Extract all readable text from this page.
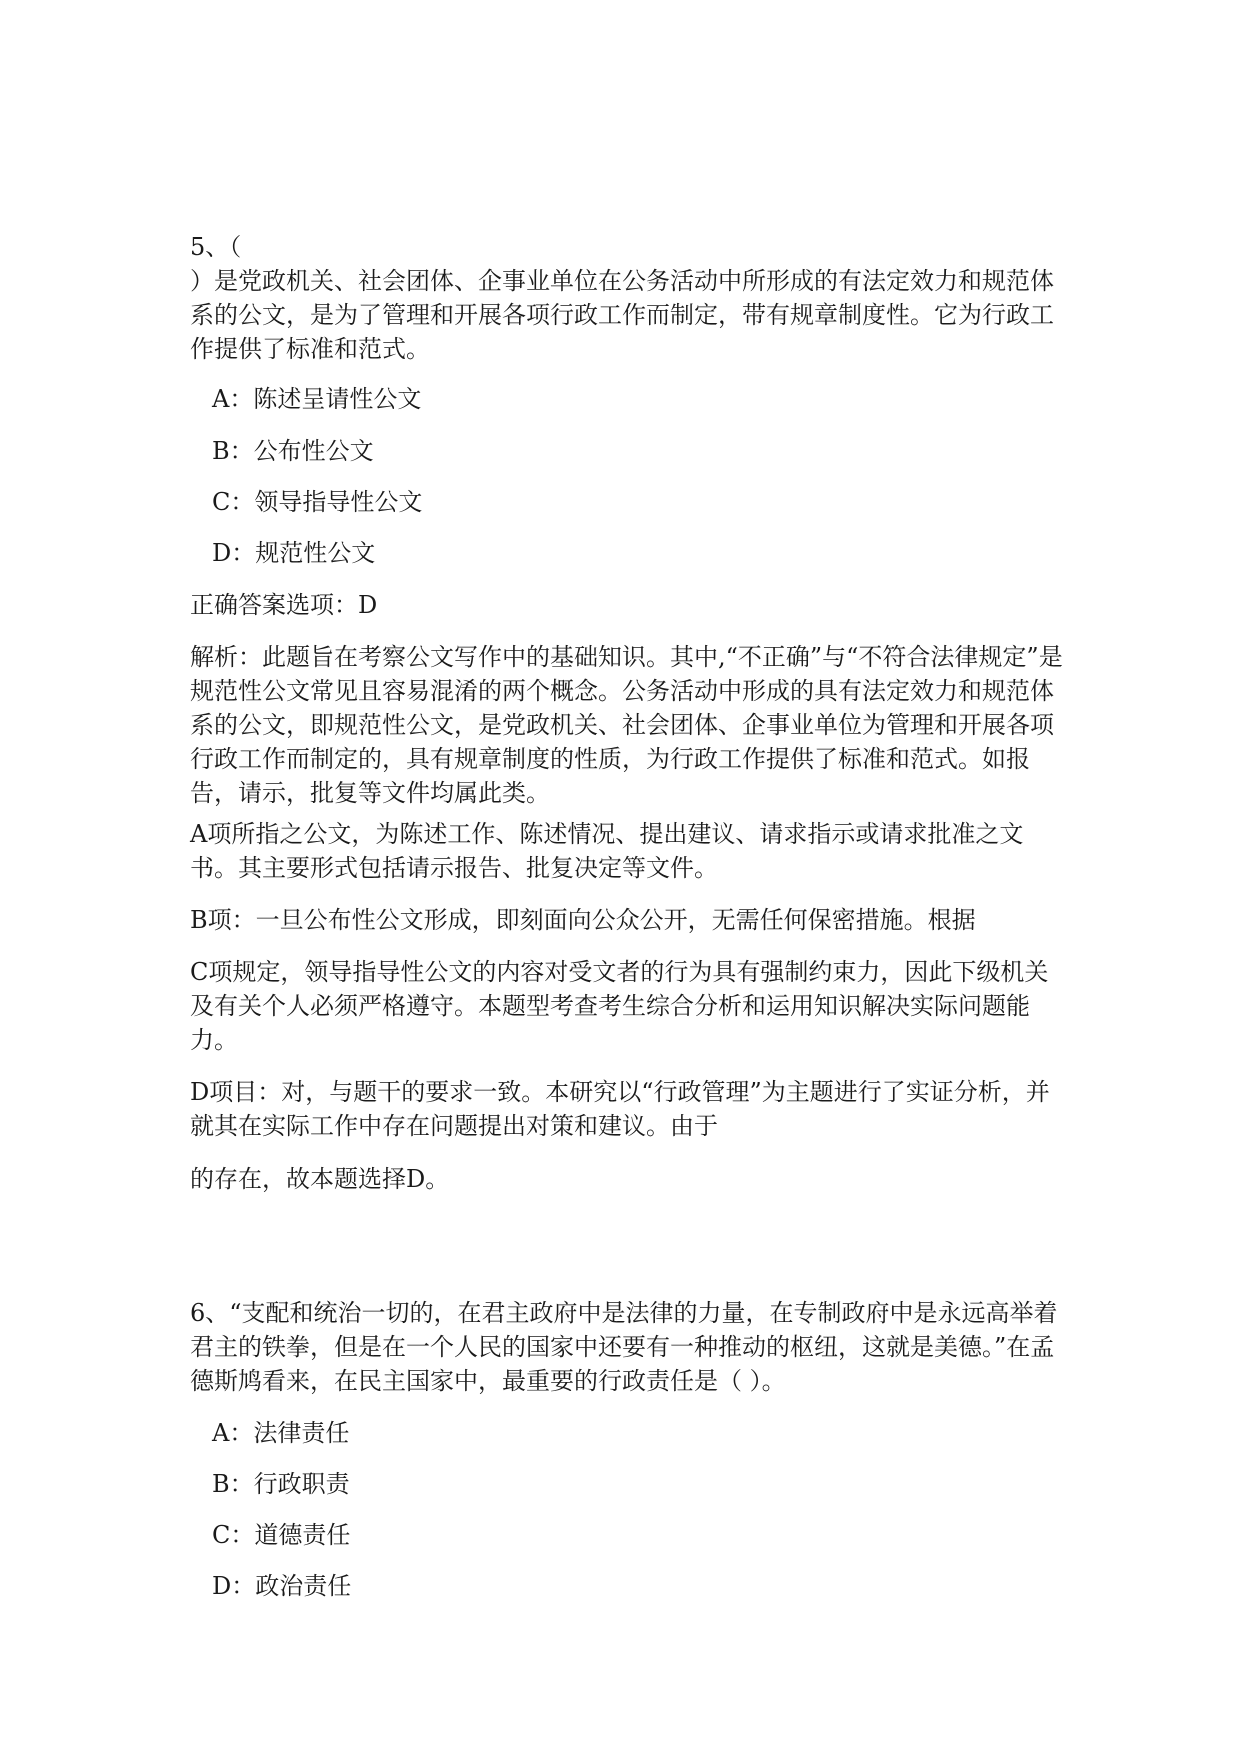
5、（
）是党政机关、社会团体、企事业单位在公务活动中所形成的有法定效力和规范体系的公文，是为了管理和开展各项行政工作而制定，带有规章制度性。它为行政工作提供了标准和范式。

A：陈述呈请性公文

B：公布性公文

C：领导指导性公文

D：规范性公文

正确答案选项：D

解析：此题旨在考察公文写作中的基础知识。其中,“不正确”与“不符合法律规定”是规范性公文常见且容易混淆的两个概念。公务活动中形成的具有法定效力和规范体系的公文，即规范性公文，是党政机关、社会团体、企事业单位为管理和开展各项行政工作而制定的，具有规章制度的性质，为行政工作提供了标准和范式。如报告，请示，批复等文件均属此类。

A项所指之公文，为陈述工作、陈述情况、提出建议、请求指示或请求批准之文书。其主要形式包括请示报告、批复决定等文件。

B项：一旦公布性公文形成，即刻面向公众公开，无需任何保密措施。根据

C项规定，领导指导性公文的内容对受文者的行为具有强制约束力，因此下级机关及有关个人必须严格遵守。本题型考查考生综合分析和运用知识解决实际问题能力。

D项目：对，与题干的要求一致。本研究以“行政管理”为主题进行了实证分析，并就其在实际工作中存在问题提出对策和建议。由于

的存在，故本题选择D。

6、“支配和统治一切的，在君主政府中是法律的力量，在专制政府中是永远高举着君主的铁拳，但是在一个人民的国家中还要有一种推动的枢纽，这就是美德。”在孟德斯鸠看来，在民主国家中，最重要的行政责任是（ ）。

A：法律责任

B：行政职责

C：道德责任

D：政治责任
